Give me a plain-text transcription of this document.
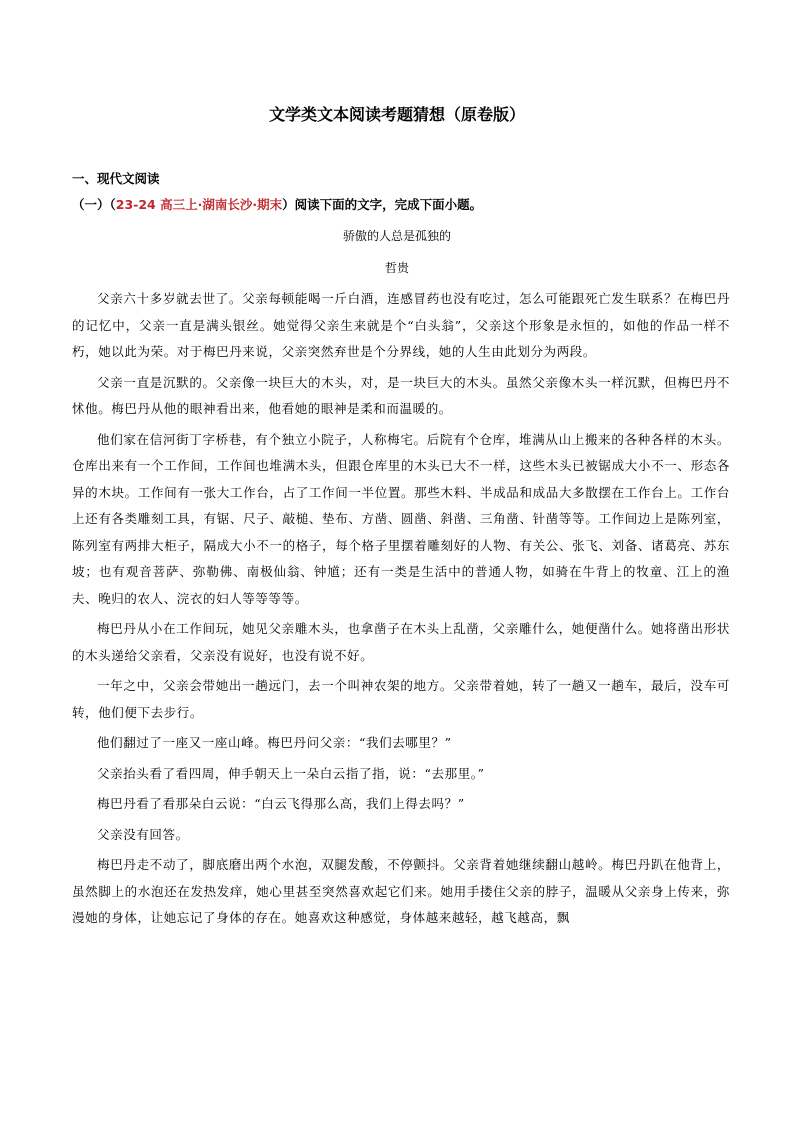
文学类文本阅读考题猜想（原卷版）
一、现代文阅读
（一）（23-24 高三上·湖南长沙·期末）阅读下面的文字，完成下面小题。
骄傲的人总是孤独的
哲贵

父亲六十多岁就去世了。父亲每顿能喝一斤白酒，连感冒药也没有吃过，怎么可能跟死亡发生联系？在梅巴丹的记忆中，父亲一直是满头银丝。她觉得父亲生来就是个“白头翁”，父亲这个形象是永恒的，如他的作品一样不朽，她以此为荣。对于梅巴丹来说，父亲突然弃世是个分界线，她的人生由此划分为两段。

父亲一直是沉默的。父亲像一块巨大的木头，对，是一块巨大的木头。虽然父亲像木头一样沉默，但梅巴丹不怵他。梅巴丹从他的眼神看出来，他看她的眼神是柔和而温暖的。

他们家在信河街丁字桥巷，有个独立小院子，人称梅宅。后院有个仓库，堆满从山上搬来的各种各样的木头。仓库出来有一个工作间，工作间也堆满木头，但跟仓库里的木头已大不一样，这些木头已被锯成大小不一、形态各异的木块。工作间有一张大工作台，占了工作间一半位置。那些木料、半成品和成品大多散摆在工作台上。工作台上还有各类雕刻工具，有锯、尺子、敲槌、垫布、方凿、圆凿、斜凿、三角凿、针凿等等。工作间边上是陈列室，陈列室有两排大柜子，隔成大小不一的格子，每个格子里摆着雕刻好的人物、有关公、张飞、刘备、诸葛亮、苏东坡；也有观音菩萨、弥勒佛、南极仙翁、钟馗；还有一类是生活中的普通人物，如骑在牛背上的牧童、江上的渔夫、晚归的农人、浣衣的妇人等等等等。

梅巴丹从小在工作间玩，她见父亲雕木头，也拿凿子在木头上乱凿，父亲雕什么，她便凿什么。她将凿出形状的木头递给父亲看，父亲没有说好，也没有说不好。

一年之中，父亲会带她出一趟远门，去一个叫神农架的地方。父亲带着她，转了一趟又一趟车，最后，没车可转，他们便下去步行。

他们翻过了一座又一座山峰。梅巴丹问父亲：“我们去哪里？”

父亲抬头看了看四周，伸手朝天上一朵白云指了指，说：“去那里。”

梅巴丹看了看那朵白云说：“白云飞得那么高，我们上得去吗？”

父亲没有回答。

梅巴丹走不动了，脚底磨出两个水泡，双腿发酸，不停颤抖。父亲背着她继续翻山越岭。梅巴丹趴在他背上，虽然脚上的水泡还在发热发痒，她心里甚至突然喜欢起它们来。她用手搂住父亲的脖子，温暖从父亲身上传来，弥漫她的身体，让她忘记了身体的存在。她喜欢这种感觉，身体越来越轻，越飞越高，飘
